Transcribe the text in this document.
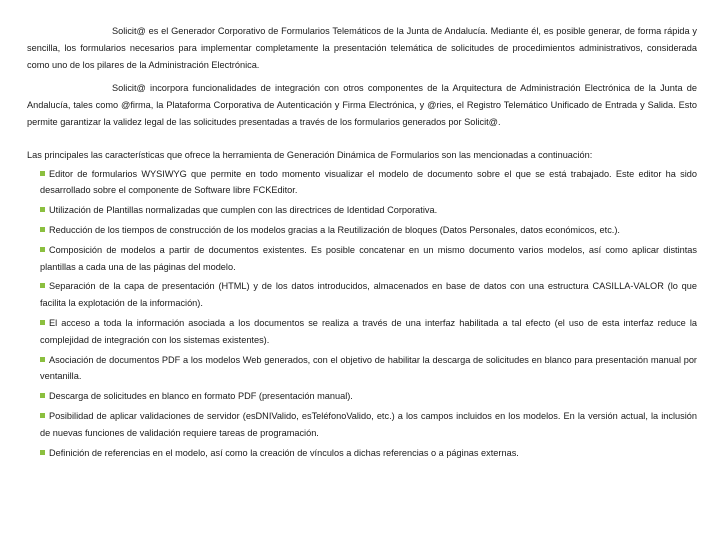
Solicit@ es el Generador Corporativo de Formularios Telemáticos de la Junta de Andalucía. Mediante él, es posible generar, de forma rápida y sencilla, los formularios necesarios para implementar completamente la presentación telemática de solicitudes de procedimientos administrativos, considerada como uno de los pilares de la Administración Electrónica.

Solicit@ incorpora funcionalidades de integración con otros componentes de la Arquitectura de Administración Electrónica de la Junta de Andalucía, tales como @firma, la Plataforma Corporativa de Autenticación y Firma Electrónica, y @ries, el Registro Telemático Unificado de Entrada y Salida. Esto permite garantizar la validez legal de las solicitudes presentadas a través de los formularios generados por Solicit@.

Las principales las características que ofrece la herramienta de Generación Dinámica de Formularios son las mencionadas a continuación:

Editor de formularios WYSIWYG que permite en todo momento visualizar el modelo de documento sobre el que se está trabajado. Este editor ha sido desarrollado sobre el componente de Software libre FCKEditor.
Utilización de Plantillas normalizadas que cumplen con las directrices de Identidad Corporativa.
Reducción de los tiempos de construcción de los modelos gracias a la Reutilización de bloques (Datos Personales, datos económicos, etc.).
Composición de modelos a partir de documentos existentes. Es posible concatenar en un mismo documento varios modelos, así como aplicar distintas plantillas a cada una de las páginas del modelo.
Separación de la capa de presentación (HTML) y de los datos introducidos, almacenados en base de datos con una estructura CASILLA-VALOR (lo que facilita la explotación de la información).
El acceso a toda la información asociada a los documentos se realiza a través de una interfaz habilitada a tal efecto (el uso de esta interfaz reduce la complejidad de integración con los sistemas existentes).
Asociación de documentos PDF a los modelos Web generados, con el objetivo de habilitar la descarga de solicitudes en blanco para presentación manual por ventanilla.
Descarga de solicitudes en blanco en formato PDF (presentación manual).
Posibilidad de aplicar validaciones de servidor (esDNIValido, esTeléfonoValido, etc.) a los campos incluidos en los modelos. En la versión actual, la inclusión de nuevas funciones de validación requiere tareas de programación.
Definición de referencias en el modelo, así como la creación de vínculos a dichas referencias o a páginas externas.
